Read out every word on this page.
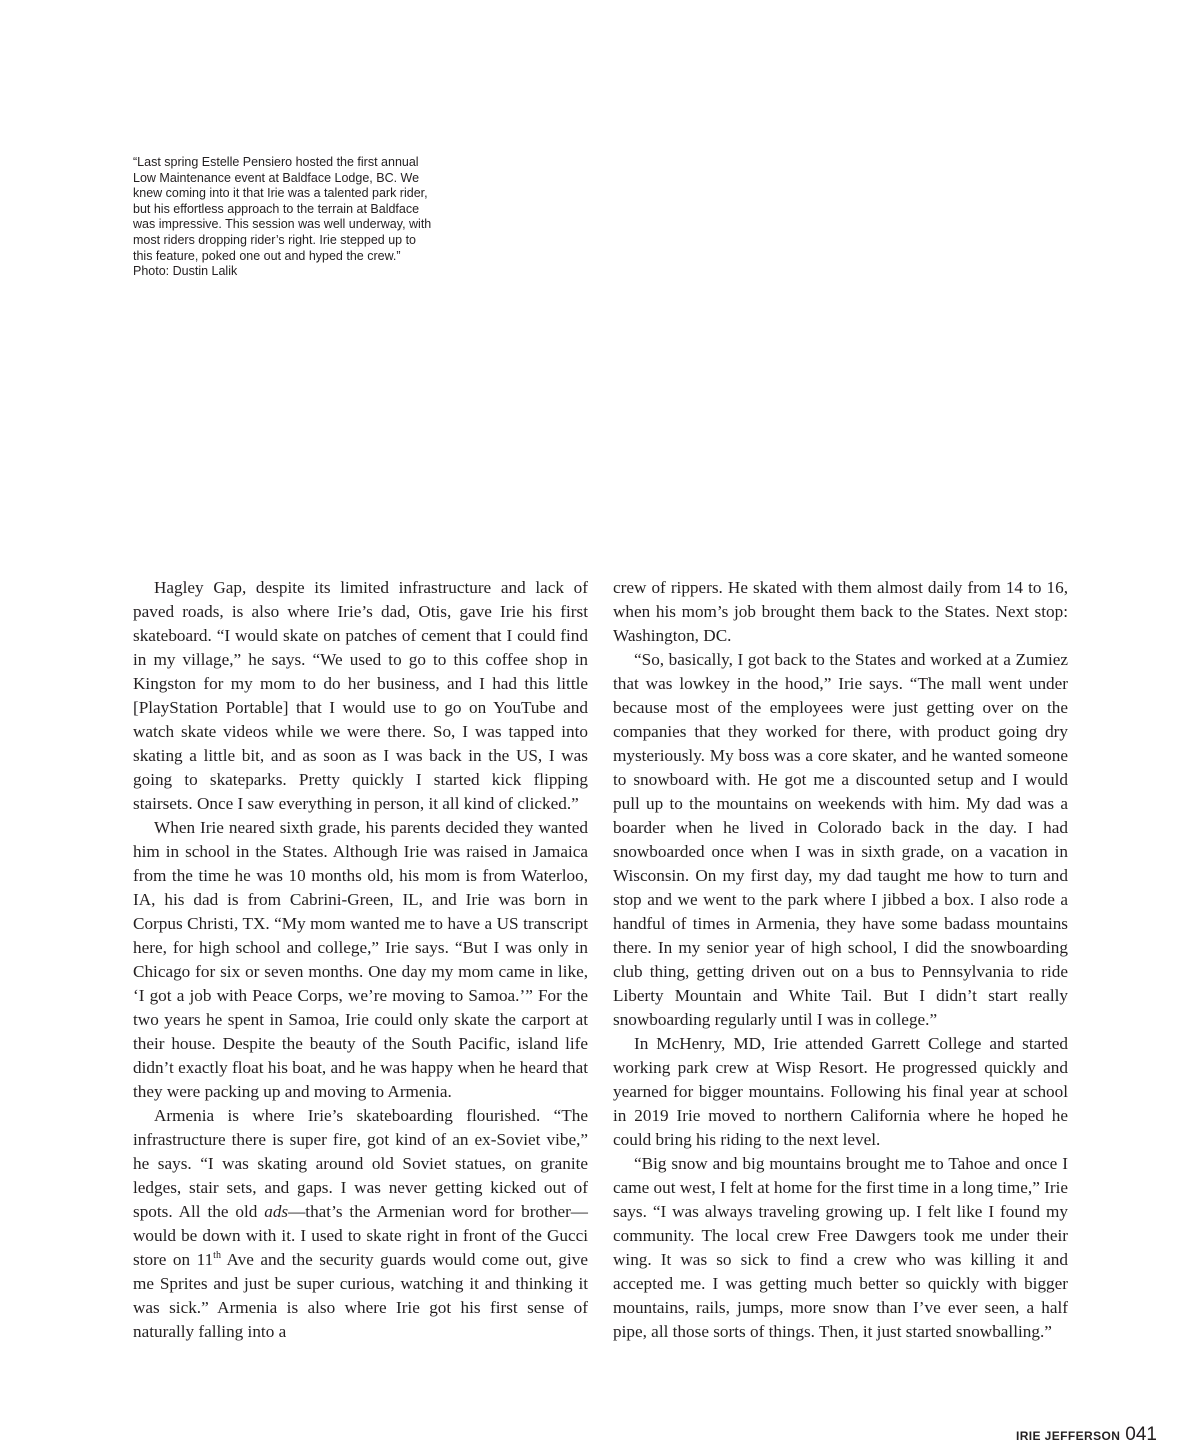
“Last spring Estelle Pensiero hosted the first annual Low Maintenance event at Baldface Lodge, BC. We knew coming into it that Irie was a talented park rider, but his effortless approach to the terrain at Baldface was impressive. This session was well underway, with most riders dropping rider’s right. Irie stepped up to this feature, poked one out and hyped the crew.”

Photo: Dustin Lalik

Hagley Gap, despite its limited infrastructure and lack of paved roads, is also where Irie’s dad, Otis, gave Irie his first skateboard. “I would skate on patches of cement that I could find in my village,” he says. “We used to go to this coffee shop in Kingston for my mom to do her business, and I had this little [PlayStation Portable] that I would use to go on YouTube and watch skate videos while we were there. So, I was tapped into skating a little bit, and as soon as I was back in the US, I was going to skateparks. Pretty quickly I started kick flipping stairsets. Once I saw everything in person, it all kind of clicked.”

When Irie neared sixth grade, his parents decided they wanted him in school in the States. Although Irie was raised in Jamaica from the time he was 10 months old, his mom is from Waterloo, IA, his dad is from Cabrini-Green, IL, and Irie was born in Corpus Christi, TX. “My mom wanted me to have a US transcript here, for high school and college,” Irie says. “But I was only in Chicago for six or seven months. One day my mom came in like, ‘I got a job with Peace Corps, we’re moving to Samoa.’” For the two years he spent in Samoa, Irie could only skate the carport at their house. Despite the beauty of the South Pacific, island life didn’t exactly float his boat, and he was happy when he heard that they were packing up and moving to Armenia.

Armenia is where Irie’s skateboarding flourished. “The infrastructure there is super fire, got kind of an ex-Soviet vibe,” he says. “I was skating around old Soviet statues, on granite ledges, stair sets, and gaps. I was never getting kicked out of spots. All the old ads—that’s the Armenian word for brother—would be down with it. I used to skate right in front of the Gucci store on 11th Ave and the security guards would come out, give me Sprites and just be super curious, watching it and thinking it was sick.” Armenia is also where Irie got his first sense of naturally falling into a

crew of rippers. He skated with them almost daily from 14 to 16, when his mom’s job brought them back to the States. Next stop: Washington, DC.

“So, basically, I got back to the States and worked at a Zumiez that was lowkey in the hood,” Irie says. “The mall went under because most of the employees were just getting over on the companies that they worked for there, with product going dry mysteriously. My boss was a core skater, and he wanted someone to snowboard with. He got me a discounted setup and I would pull up to the mountains on weekends with him. My dad was a boarder when he lived in Colorado back in the day. I had snowboarded once when I was in sixth grade, on a vacation in Wisconsin. On my first day, my dad taught me how to turn and stop and we went to the park where I jibbed a box. I also rode a handful of times in Armenia, they have some badass mountains there. In my senior year of high school, I did the snowboarding club thing, getting driven out on a bus to Pennsylvania to ride Liberty Mountain and White Tail. But I didn’t start really snowboarding regularly until I was in college.”

In McHenry, MD, Irie attended Garrett College and started working park crew at Wisp Resort. He progressed quickly and yearned for bigger mountains. Following his final year at school in 2019 Irie moved to northern California where he hoped he could bring his riding to the next level.

“Big snow and big mountains brought me to Tahoe and once I came out west, I felt at home for the first time in a long time,” Irie says. “I was always traveling growing up. I felt like I found my community. The local crew Free Dawgers took me under their wing. It was so sick to find a crew who was killing it and accepted me. I was getting much better so quickly with bigger mountains, rails, jumps, more snow than I’ve ever seen, a half pipe, all those sorts of things. Then, it just started snowballing.”

IRIE JEFFERSON 041
